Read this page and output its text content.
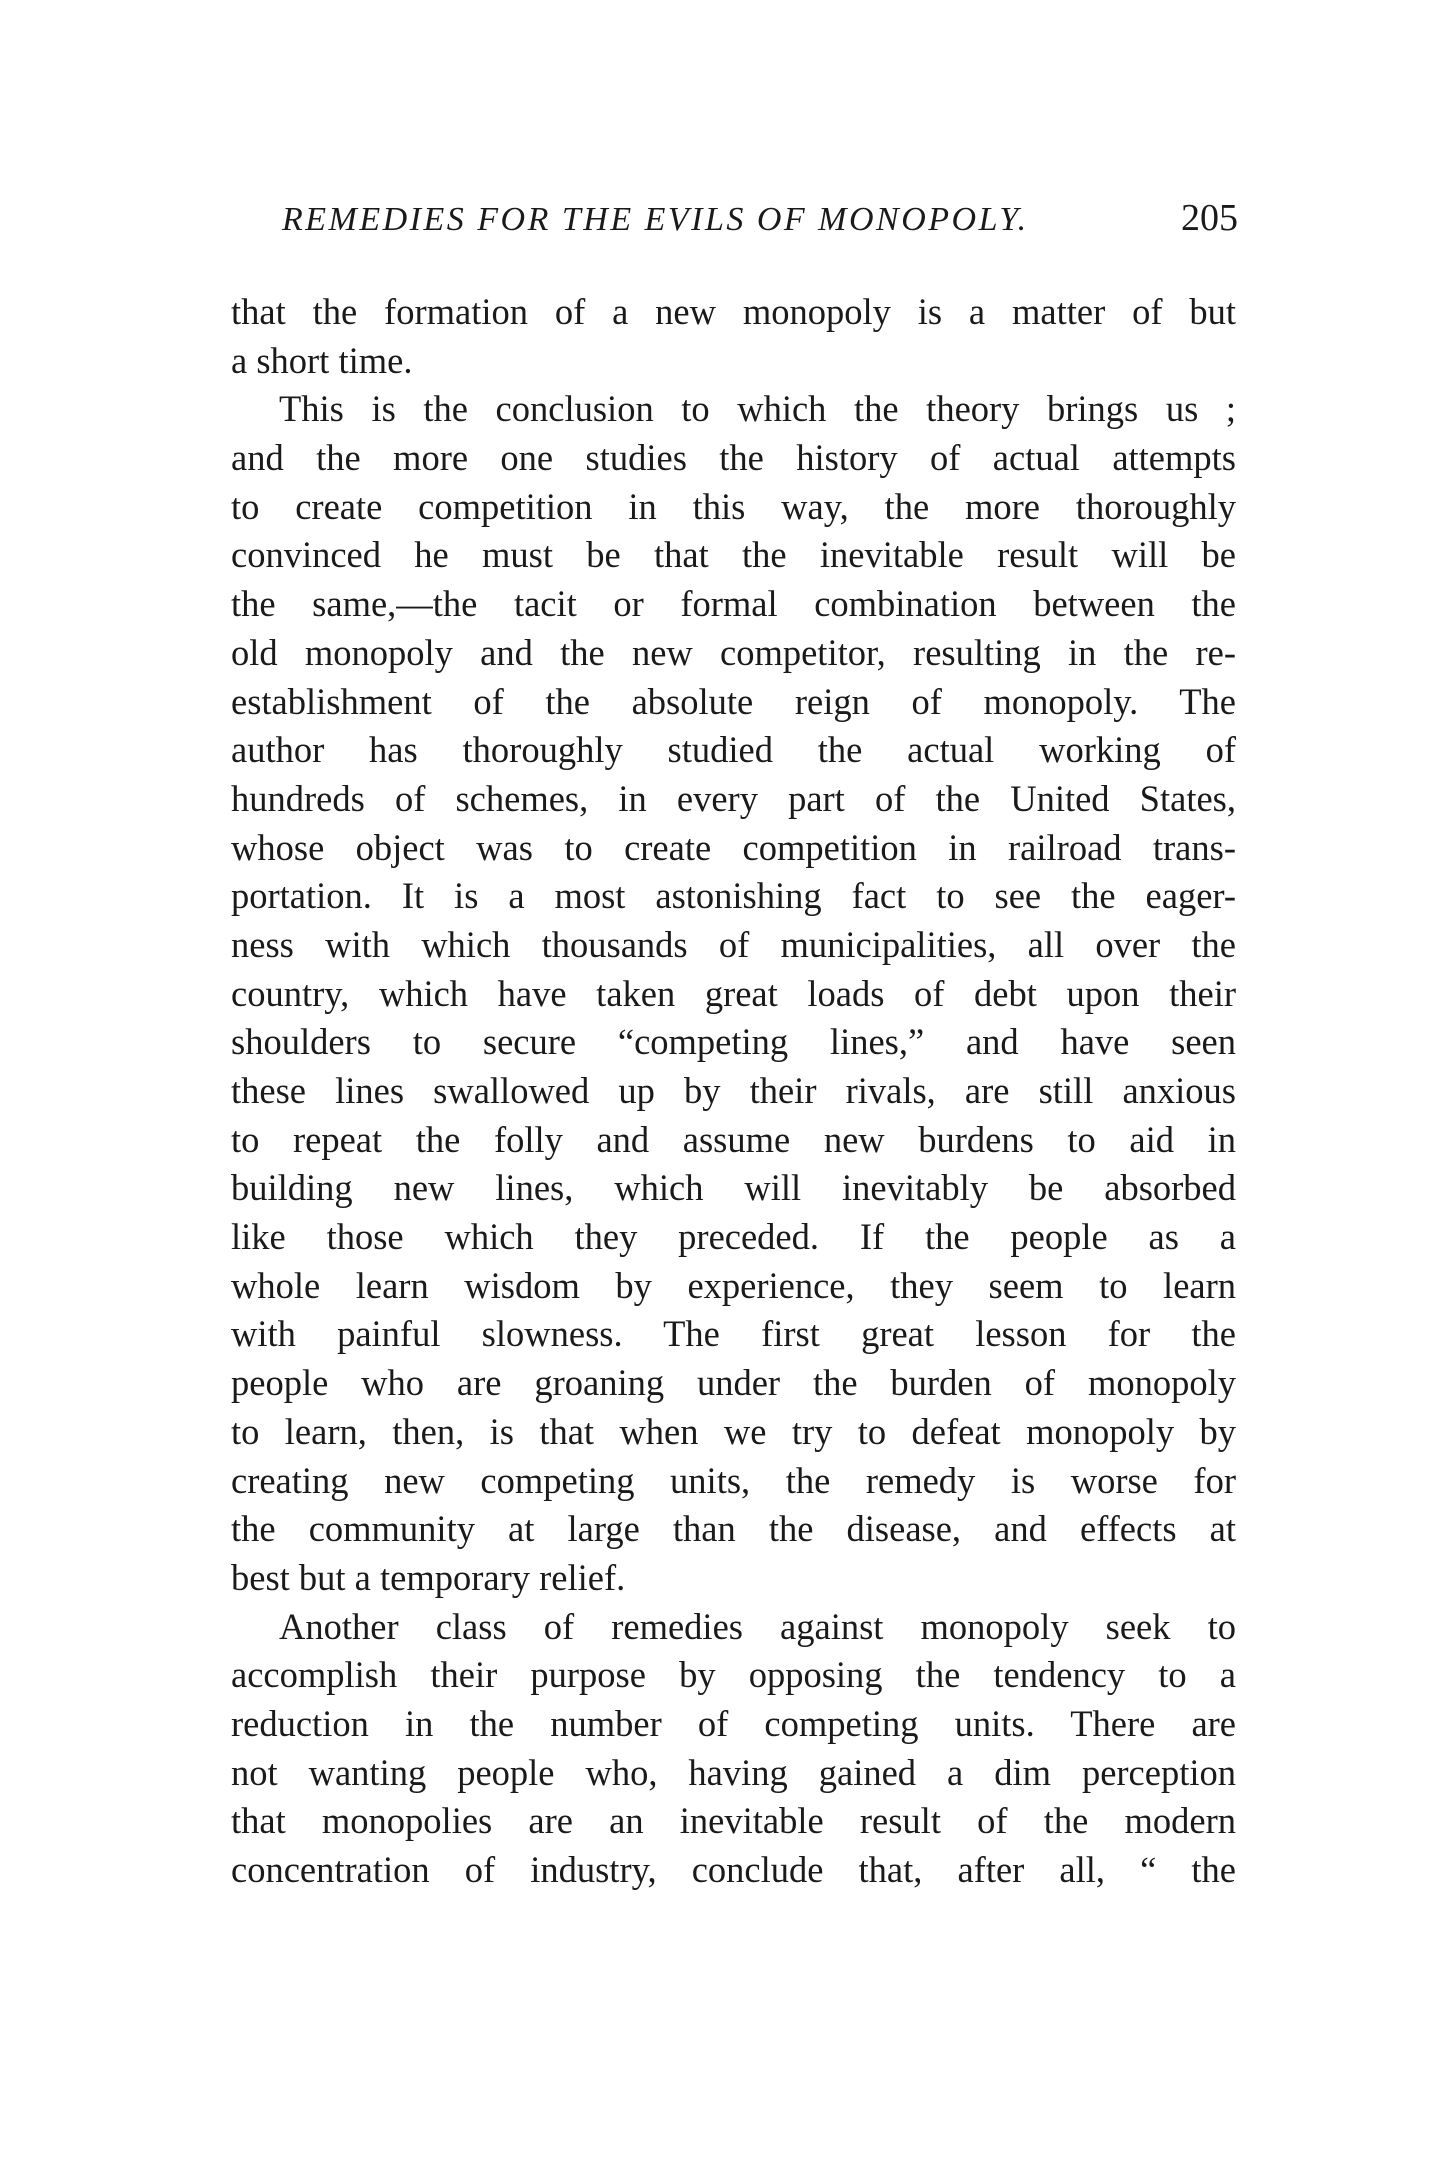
REMEDIES FOR THE EVILS OF MONOPOLY.	205
that the formation of a new monopoly is a matter of but
a short time.
This is the conclusion to which the theory brings us ;
and the more one studies the history of actual attempts
to create competition in this way, the more thoroughly
convinced he must be that the inevitable result will be
the same,—the tacit or formal combination between the
old monopoly and the new competitor, resulting in the re-
establishment of the absolute reign of monopoly. The
author has thoroughly studied the actual working of
hundreds of schemes, in every part of the United States,
whose object was to create competition in railroad trans-
portation. It is a most astonishing fact to see the eager-
ness with which thousands of municipalities, all over the
country, which have taken great loads of debt upon their
shoulders to secure “competing lines,” and have seen
these lines swallowed up by their rivals, are still anxious
to repeat the folly and assume new burdens to aid in
building new lines, which will inevitably be absorbed
like those which they preceded. If the people as a
whole learn wisdom by experience, they seem to learn
with painful slowness. The first great lesson for the
people who are groaning under the burden of monopoly
to learn, then, is that when we try to defeat monopoly by
creating new competing units, the remedy is worse for
the community at large than the disease, and effects at
best but a temporary relief.
Another class of remedies against monopoly seek to
accomplish their purpose by opposing the tendency to a
reduction in the number of competing units. There are
not wanting people who, having gained a dim perception
that monopolies are an inevitable result of the modern
concentration of industry, conclude that, after all, “ the
